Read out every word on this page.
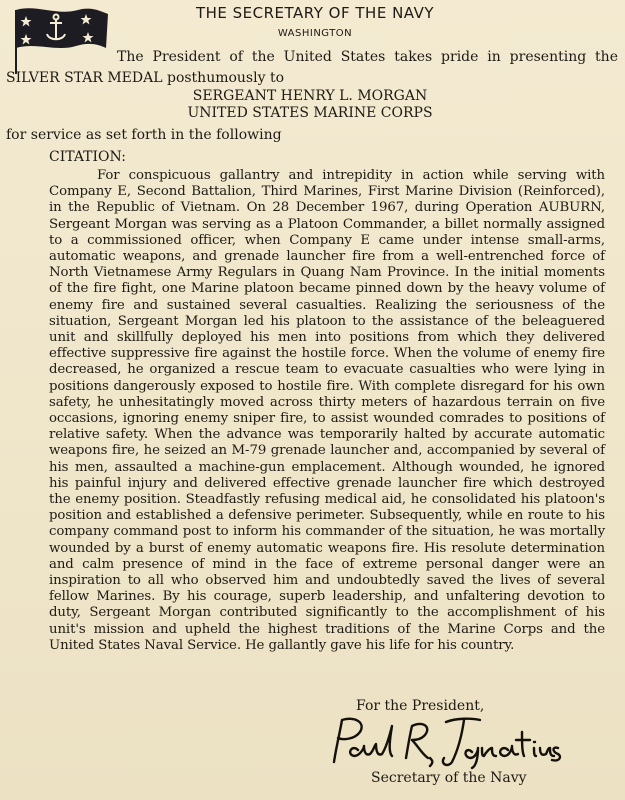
THE SECRETARY OF THE NAVY
WASHINGTON
The President of the United States takes pride in presenting the SILVER STAR MEDAL posthumously to
SERGEANT HENRY L. MORGAN
UNITED STATES MARINE CORPS
for service as set forth in the following
CITATION:
For conspicuous gallantry and intrepidity in action while serving with Company E, Second Battalion, Third Marines, First Marine Division (Reinforced), in the Republic of Vietnam. On 28 December 1967, during Operation AUBURN, Sergeant Morgan was serving as a Platoon Commander, a billet normally assigned to a commissioned officer, when Company E came under intense small-arms, automatic weapons, and grenade launcher fire from a well-entrenched force of North Vietnamese Army Regulars in Quang Nam Province. In the initial moments of the fire fight, one Marine platoon became pinned down by the heavy volume of enemy fire and sustained several casualties. Realizing the seriousness of the situation, Sergeant Morgan led his platoon to the assistance of the beleaguered unit and skillfully deployed his men into positions from which they delivered effective suppressive fire against the hostile force. When the volume of enemy fire decreased, he organized a rescue team to evacuate casualties who were lying in positions dangerously exposed to hostile fire. With complete disregard for his own safety, he unhesitatingly moved across thirty meters of hazardous terrain on five occasions, ignoring enemy sniper fire, to assist wounded comrades to positions of relative safety. When the advance was temporarily halted by accurate automatic weapons fire, he seized an M-79 grenade launcher and, accompanied by several of his men, assaulted a machine-gun emplacement. Although wounded, he ignored his painful injury and delivered effective grenade launcher fire which destroyed the enemy position. Steadfastly refusing medical aid, he consolidated his platoon's position and established a defensive perimeter. Subsequently, while en route to his company command post to inform his commander of the situation, he was mortally wounded by a burst of enemy automatic weapons fire. His resolute determination and calm presence of mind in the face of extreme personal danger were an inspiration to all who observed him and undoubtedly saved the lives of several fellow Marines. By his courage, superb leadership, and unfaltering devotion to duty, Sergeant Morgan contributed significantly to the accomplishment of his unit's mission and upheld the highest traditions of the Marine Corps and the United States Naval Service. He gallantly gave his life for his country.
For the President,
Secretary of the Navy
